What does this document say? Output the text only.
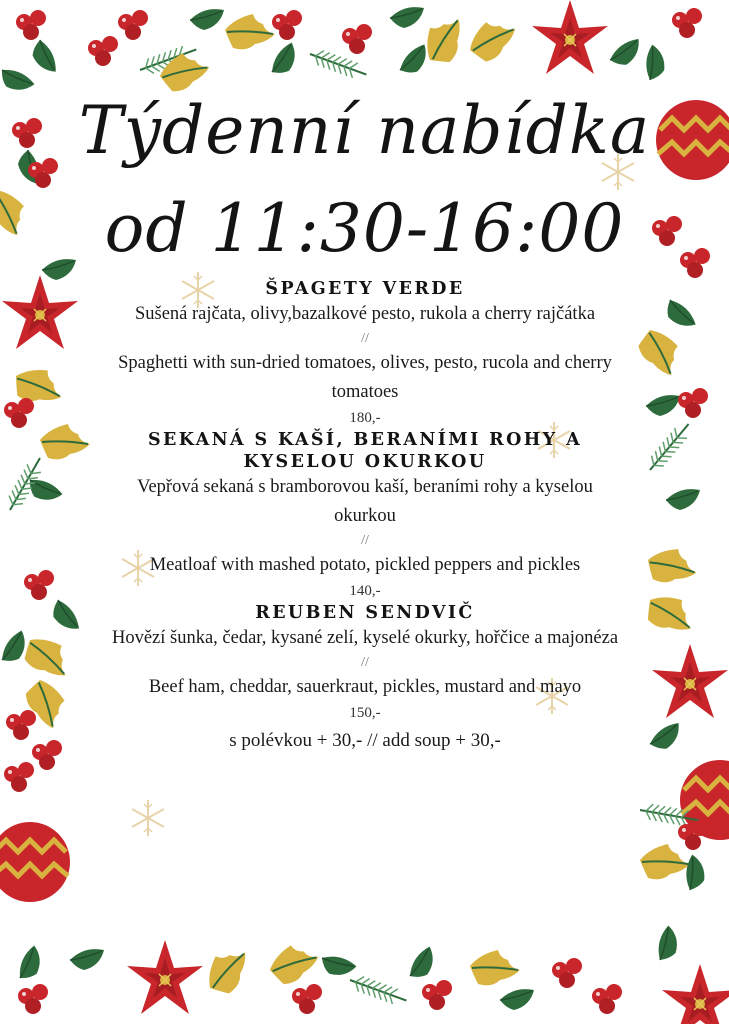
Týdenní nabídka
od 11:30-16:00

ŠPAGETY VERDE

Sušená rajčata, olivy,bazalkové pesto, rukola a cherry rajčátka

//

Spaghetti with sun-dried tomatoes, olives, pesto, rucola and cherry tomatoes

180,-

SEKANÁ S KAŠÍ, BERANÍMI ROHY A KYSELOU OKURKOU

Vepřová sekaná s bramborovou kaší, beraními rohy a kyselou okurkou

//

Meatloaf with mashed potato, pickled peppers and pickles

140,-

REUBEN SENDVIČ

Hovězí šunka, čedar, kysané zelí, kyselé okurky, hořčice a majonéza

//

Beef ham, cheddar, sauerkraut, pickles, mustard and mayo

150,-

s polévkou + 30,- // add soup + 30,-
